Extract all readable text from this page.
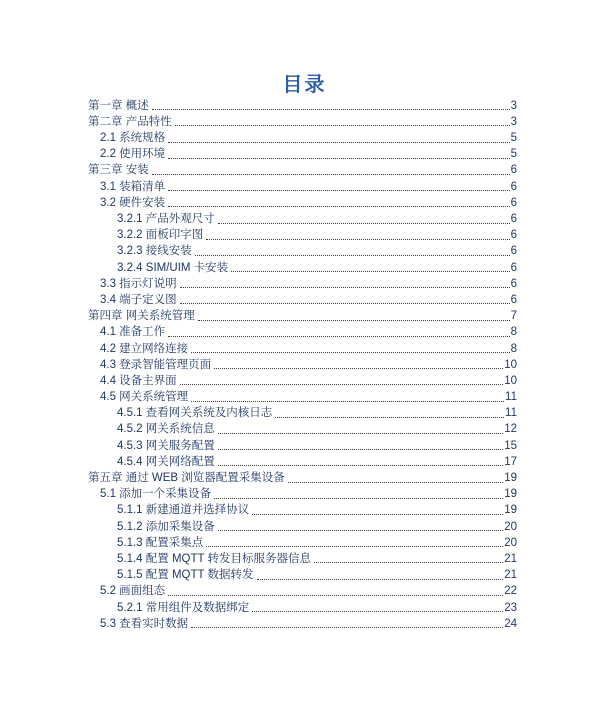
目录
第一章 概述	3
第二章 产品特性	3
2.1 系统规格	5
2.2 使用环境	5
第三章 安装	6
3.1 装箱清单	6
3.2 硬件安装	6
3.2.1 产品外观尺寸	6
3.2.2 面板印字图	6
3.2.3 接线安装	6
3.2.4 SIM/UIM 卡安装	6
3.3 指示灯说明	6
3.4 端子定义图	6
第四章 网关系统管理	7
4.1 准备工作	8
4.2 建立网络连接	8
4.3 登录智能管理页面	10
4.4 设备主界面	10
4.5 网关系统管理	11
4.5.1 查看网关系统及内核日志	11
4.5.2 网关系统信息	12
4.5.3 网关服务配置	15
4.5.4 网关网络配置	17
第五章 通过 WEB 浏览器配置采集设备	19
5.1 添加一个采集设备	19
5.1.1 新建通道并选择协议	19
5.1.2 添加采集设备	20
5.1.3 配置采集点	20
5.1.4 配置 MQTT 转发目标服务器信息	21
5.1.5 配置 MQTT 数据转发	21
5.2 画面组态	22
5.2.1 常用组件及数据绑定	23
5.3 查看实时数据	24
